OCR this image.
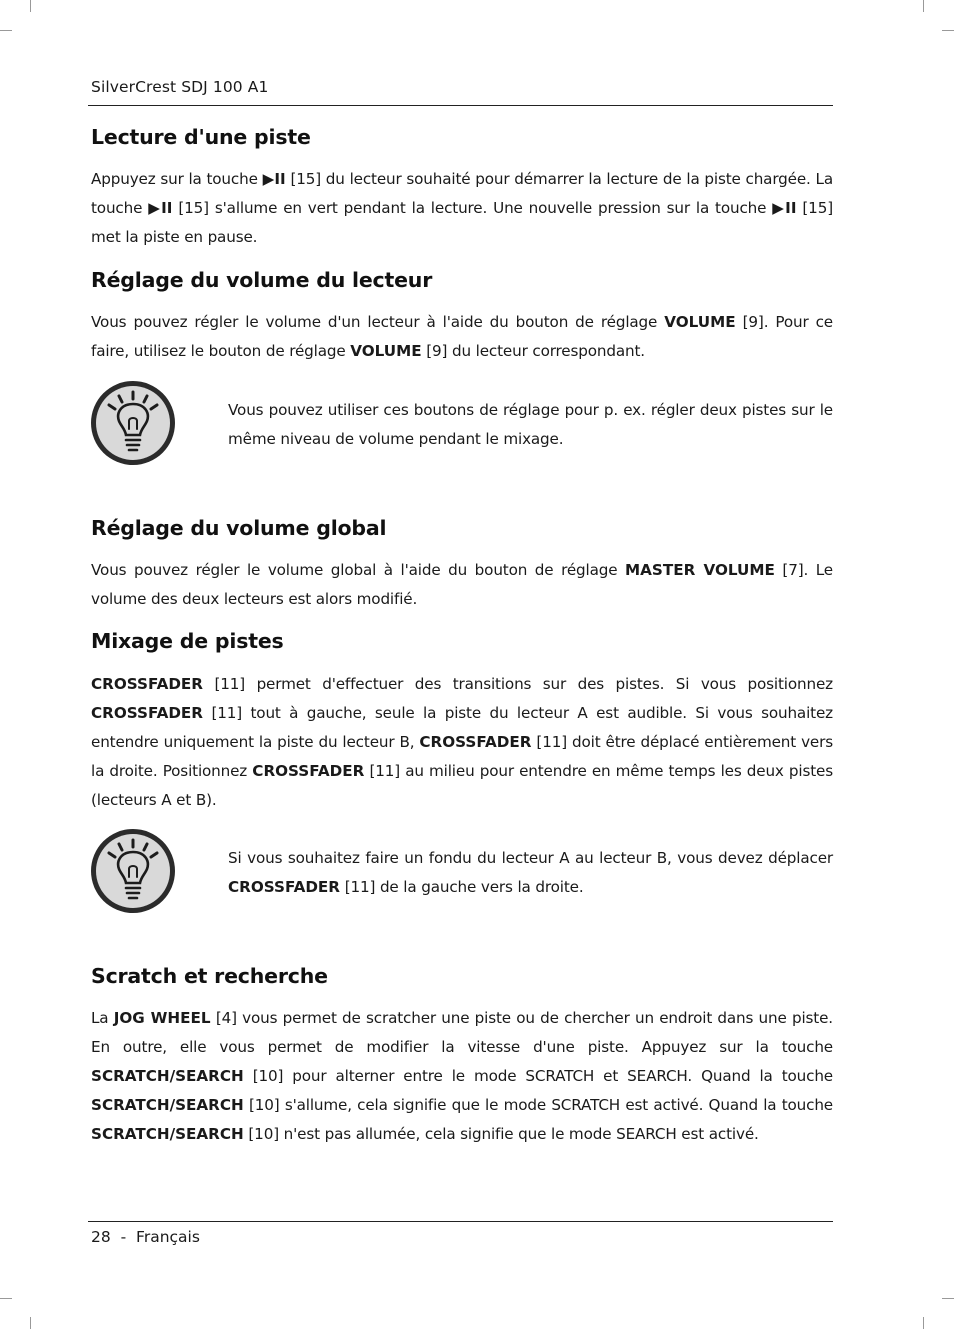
SilverCrest SDJ 100 A1
Lecture d'une piste

Appuyez sur la touche ▶II [15] du lecteur souhaité pour démarrer la lecture de la piste chargée. La touche ▶II [15] s'allume en vert pendant la lecture. Une nouvelle pression sur la touche ▶II [15] met la piste en pause.

Réglage du volume du lecteur

Vous pouvez régler le volume d'un lecteur à l'aide du bouton de réglage VOLUME [9]. Pour ce faire, utilisez le bouton de réglage VOLUME [9] du lecteur correspondant.

Vous pouvez utiliser ces boutons de réglage pour p. ex. régler deux pistes sur le même niveau de volume pendant le mixage.

Réglage du volume global

Vous pouvez régler le volume global à l'aide du bouton de réglage MASTER VOLUME [7]. Le volume des deux lecteurs est alors modifié.

Mixage de pistes

CROSSFADER [11] permet d'effectuer des transitions sur des pistes. Si vous positionnez CROSSFADER [11] tout à gauche, seule la piste du lecteur A est audible. Si vous souhaitez entendre uniquement la piste du lecteur B, CROSSFADER [11] doit être déplacé entièrement vers la droite. Positionnez CROSSFADER [11] au milieu pour entendre en même temps les deux pistes (lecteurs A et B).

Si vous souhaitez faire un fondu du lecteur A au lecteur B, vous devez déplacer CROSSFADER [11] de la gauche vers la droite.

Scratch et recherche

La JOG WHEEL [4] vous permet de scratcher une piste ou de chercher un endroit dans une piste. En outre, elle vous permet de modifier la vitesse d'une piste. Appuyez sur la touche SCRATCH/SEARCH [10] pour alterner entre le mode SCRATCH et SEARCH. Quand la touche SCRATCH/SEARCH [10] s'allume, cela signifie que le mode SCRATCH est activé. Quand la touche SCRATCH/SEARCH [10] n'est pas allumée, cela signifie que le mode SEARCH est activé.

28 - Français
